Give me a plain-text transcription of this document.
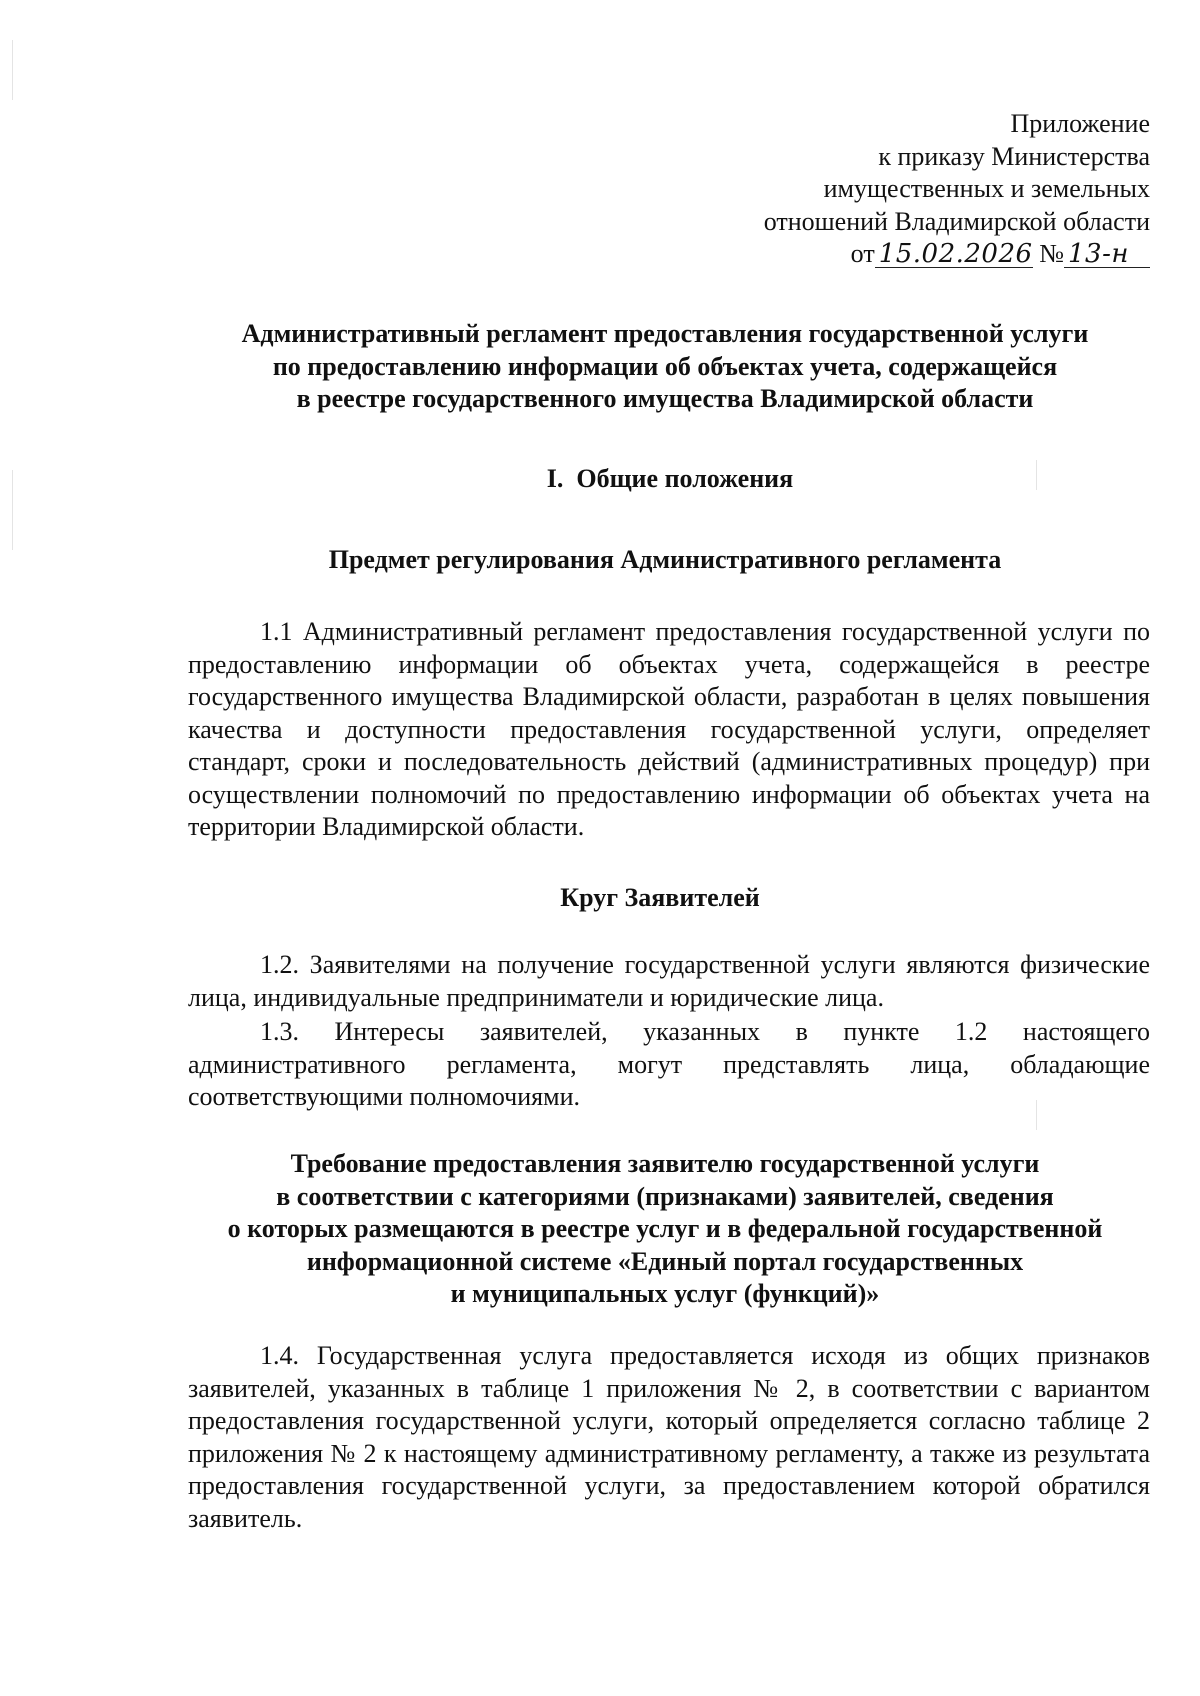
Приложение
к приказу Министерства
имущественных и земельных
отношений Владимирской области
от 15.02.2026 № 13-н
Административный регламент предоставления государственной услуги
по предоставлению информации об объектах учета, содержащейся
в реестре государственного имущества Владимирской области
I.  Общие положения
Предмет регулирования Административного регламента

1.1 Административный регламент предоставления государственной услуги по предоставлению информации об объектах учета, содержащейся в реестре государственного имущества Владимирской области, разработан в целях повышения качества и доступности предоставления государственной услуги, определяет стандарт, сроки и последовательность действий (административных процедур) при осуществлении полномочий по предоставлению информации об объектах учета на территории Владимирской области.

Круг Заявителей

1.2. Заявителями на получение государственной услуги являются физические лица, индивидуальные предприниматели и юридические лица.

1.3. Интересы заявителей, указанных в пункте 1.2 настоящего административного регламента, могут представлять лица, обладающие соответствующими полномочиями.

Требование предоставления заявителю государственной услуги
в соответствии с категориями (признаками) заявителей, сведения
о которых размещаются в реестре услуг и в федеральной государственной
информационной системе «Единый портал государственных
и муниципальных услуг (функций)»

1.4. Государственная услуга предоставляется исходя из общих признаков заявителей, указанных в таблице 1 приложения № 2, в соответствии с вариантом предоставления государственной услуги, который определяется согласно таблице 2 приложения № 2 к настоящему административному регламенту, а также из результата предоставления государственной услуги, за предоставлением которой обратился заявитель.
